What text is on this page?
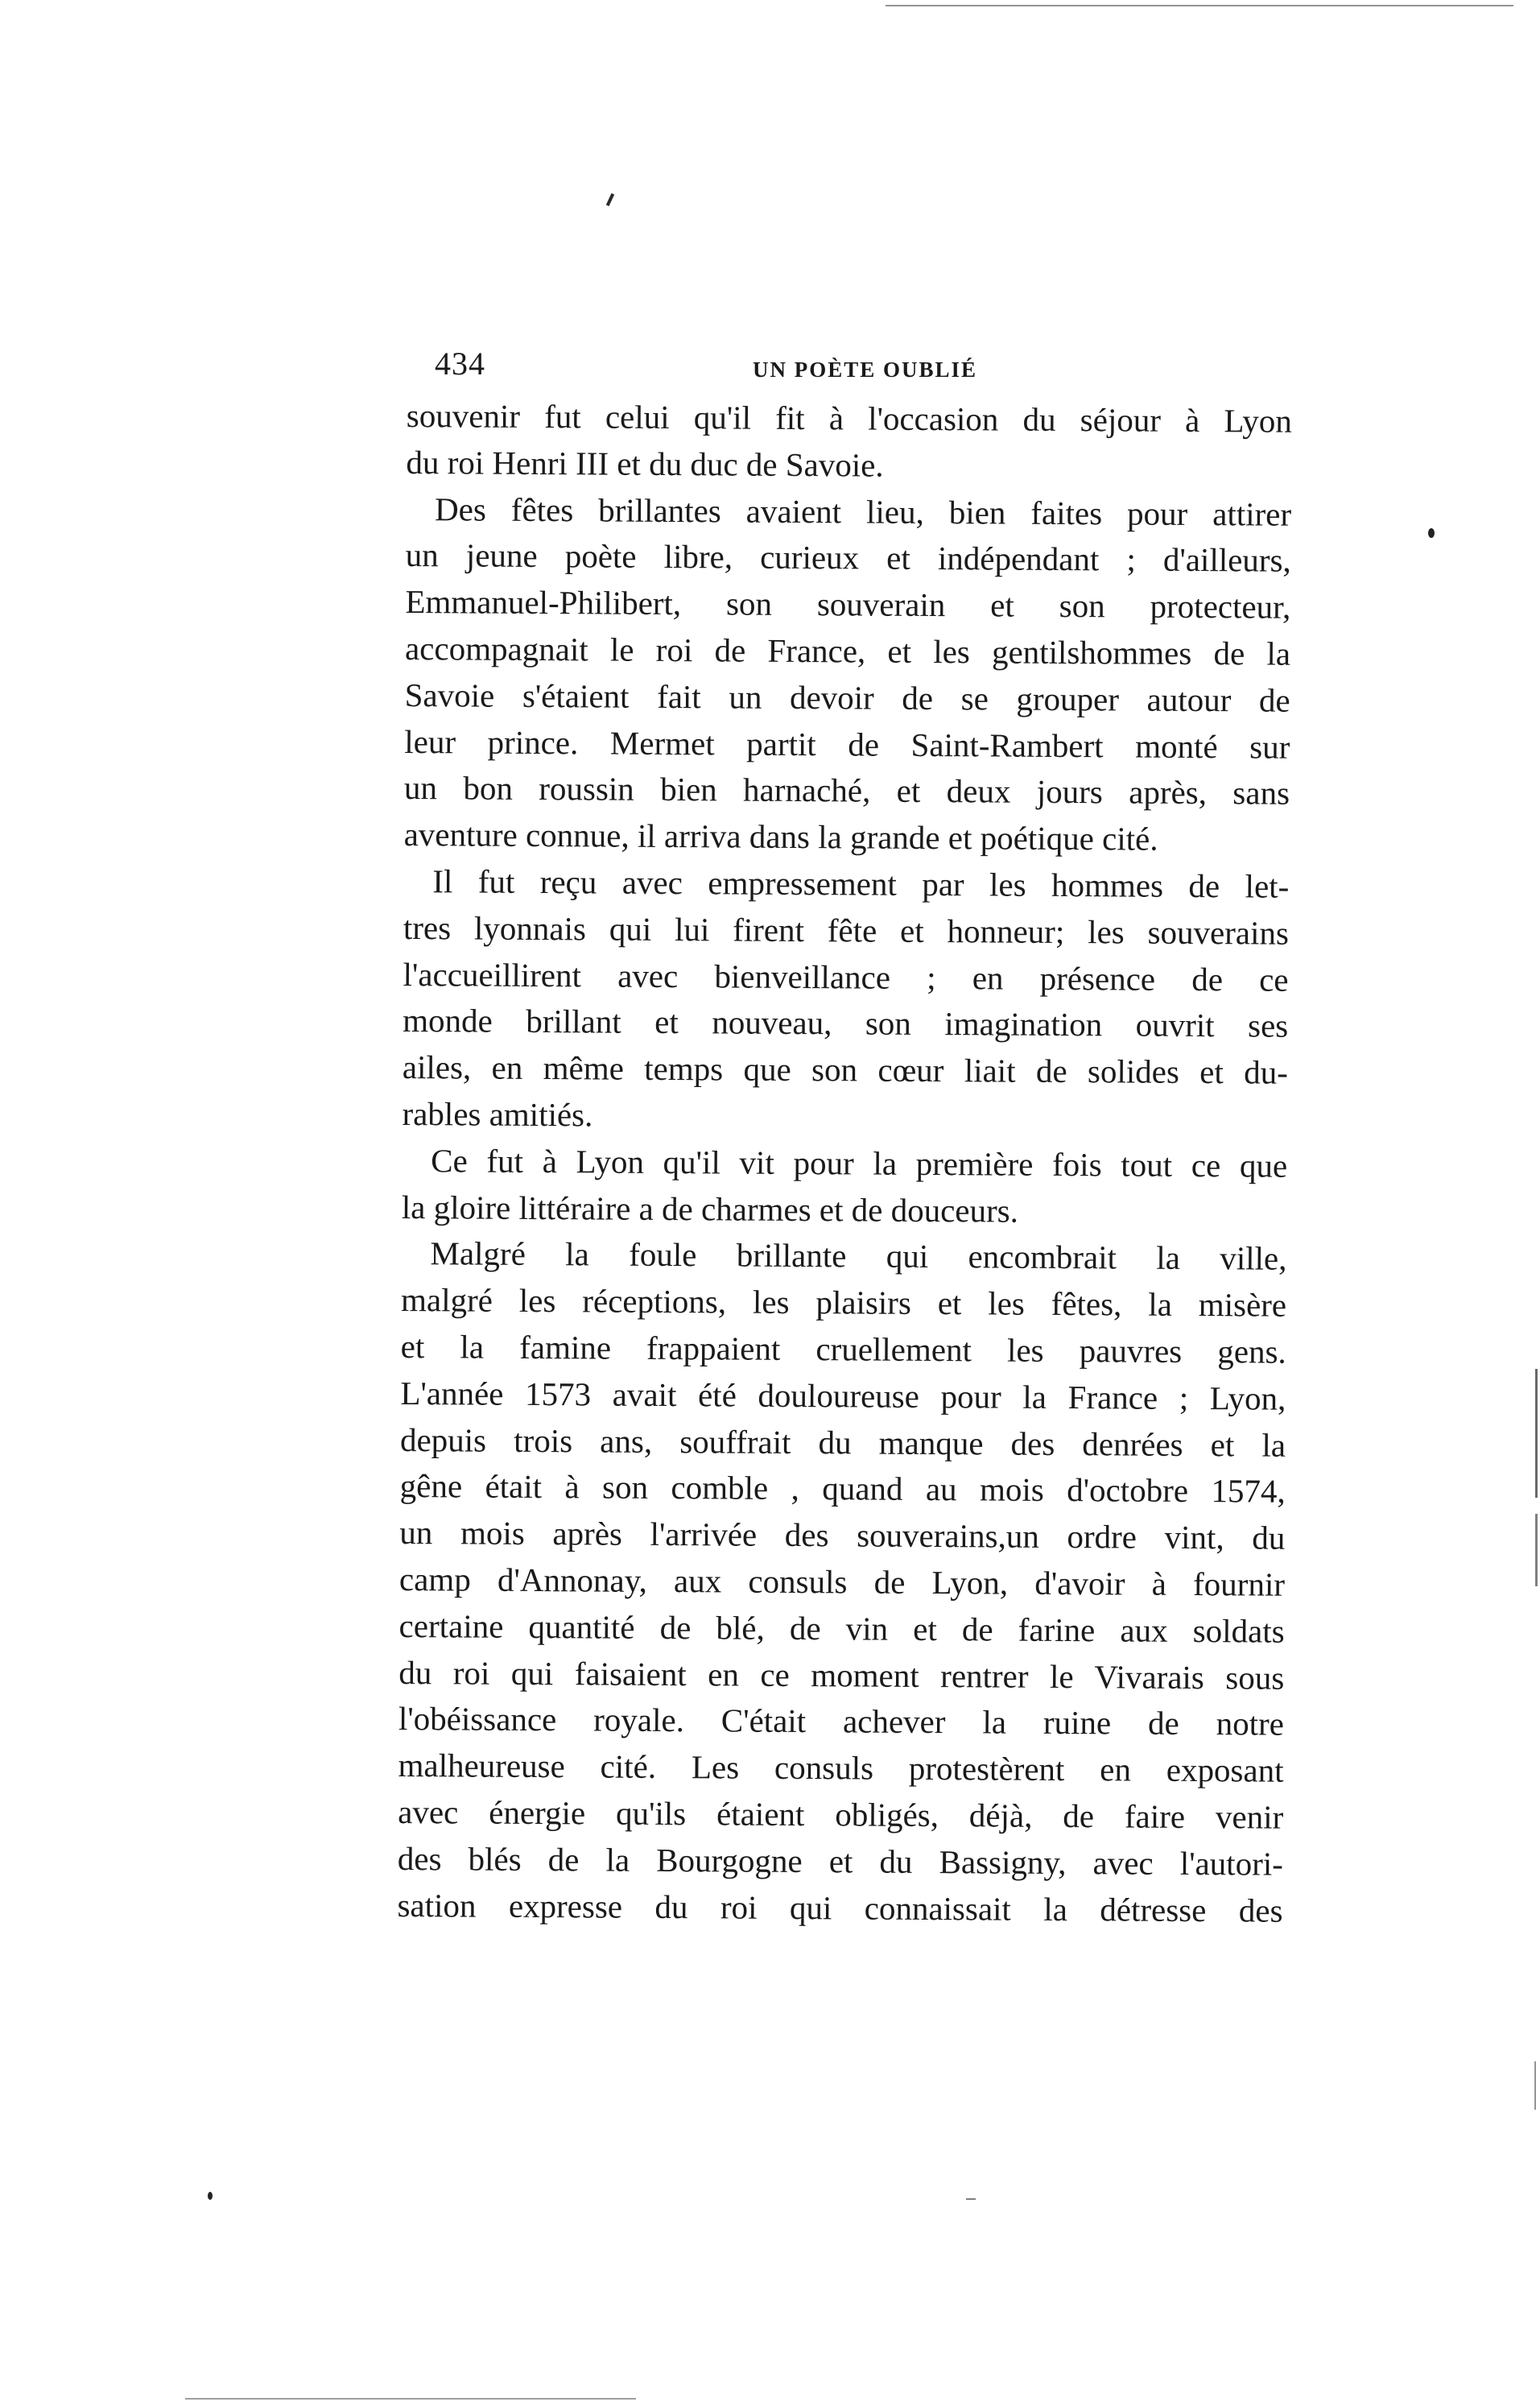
434	UN POÈTE OUBLIÉ
souvenir fut celui qu'il fit à l'occasion du séjour à Lyon
du roi Henri III et du duc de Savoie.
Des fêtes brillantes avaient lieu, bien faites pour attirer
un jeune poète libre, curieux et indépendant ; d'ailleurs,
Emmanuel-Philibert, son souverain et son protecteur,
accompagnait le roi de France, et les gentilshommes de la
Savoie s'étaient fait un devoir de se grouper autour de
leur prince. Mermet partit de Saint-Rambert monté sur
un bon roussin bien harnaché, et deux jours après, sans
aventure connue, il arriva dans la grande et poétique cité.
Il fut reçu avec empressement par les hommes de let-
tres lyonnais qui lui firent fête et honneur; les souverains
l'accueillirent avec bienveillance ; en présence de ce
monde brillant et nouveau, son imagination ouvrit ses
ailes, en même temps que son cœur liait de solides et du-
rables amitiés.
Ce fut à Lyon qu'il vit pour la première fois tout ce que
la gloire littéraire a de charmes et de douceurs.
Malgré la foule brillante qui encombrait la ville,
malgré les réceptions, les plaisirs et les fêtes, la misère
et la famine frappaient cruellement les pauvres gens.
L'année 1573 avait été douloureuse pour la France ; Lyon,
depuis trois ans, souffrait du manque des denrées et la
gêne était à son comble , quand au mois d'octobre 1574,
un mois après l'arrivée des souverains,un ordre vint, du
camp d'Annonay, aux consuls de Lyon, d'avoir à fournir
certaine quantité de blé, de vin et de farine aux soldats
du roi qui faisaient en ce moment rentrer le Vivarais sous
l'obéissance royale. C'était achever la ruine de notre
malheureuse cité. Les consuls protestèrent en exposant
avec énergie qu'ils étaient obligés, déjà, de faire venir
des blés de la Bourgogne et du Bassigny, avec l'autori-
sation expresse du roi qui connaissait la détresse des
